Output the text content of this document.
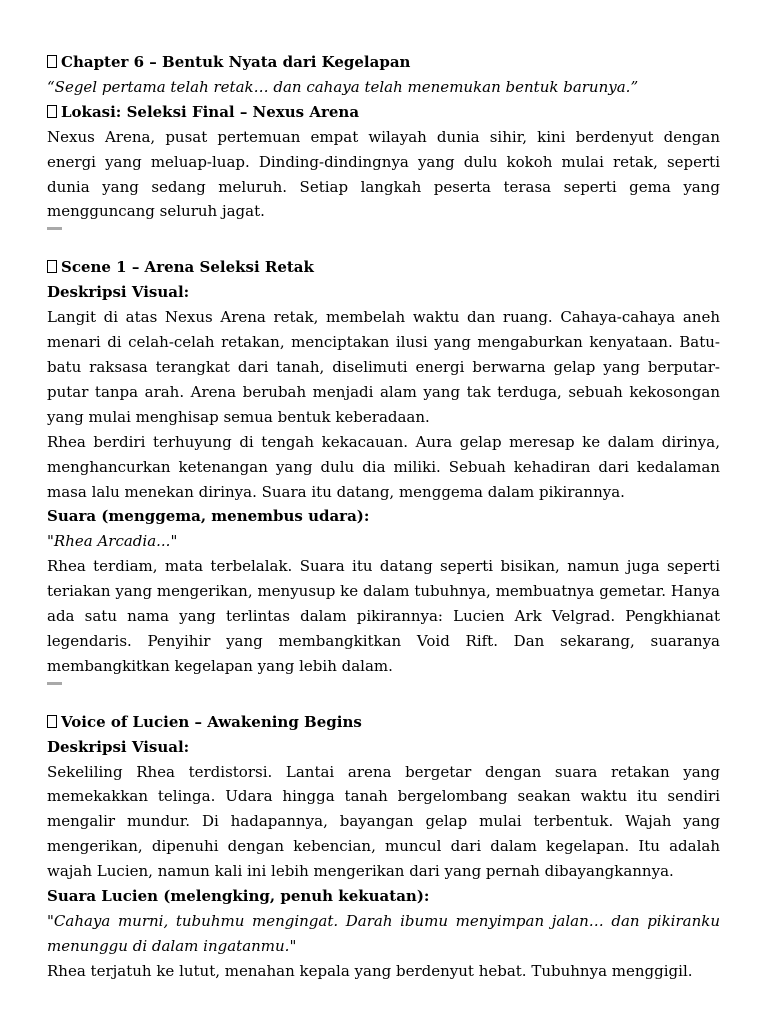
Chapter 6 – Bentuk Nyata dari Kegelapan
“Segel pertama telah retak… dan cahaya telah menemukan bentuk barunya.”
Lokasi: Seleksi Final – Nexus Arena

Nexus Arena, pusat pertemuan empat wilayah dunia sihir, kini berdenyut dengan energi yang meluap-luap. Dinding-dindingnya yang dulu kokoh mulai retak, seperti dunia yang sedang meluruh. Setiap langkah peserta terasa seperti gema yang mengguncang seluruh jagat.

Scene 1 – Arena Seleksi Retak
Deskripsi Visual:

Langit di atas Nexus Arena retak, membelah waktu dan ruang. Cahaya-cahaya aneh menari di celah-celah retakan, menciptakan ilusi yang mengaburkan kenyataan. Batu-batu raksasa terangkat dari tanah, diselimuti energi berwarna gelap yang berputar-putar tanpa arah. Arena berubah menjadi alam yang tak terduga, sebuah kekosongan yang mulai menghisap semua bentuk keberadaan.

Rhea berdiri terhuyung di tengah kekacauan. Aura gelap meresap ke dalam dirinya, menghancurkan ketenangan yang dulu dia miliki. Sebuah kehadiran dari kedalaman masa lalu menekan dirinya. Suara itu datang, menggema dalam pikirannya.

Suara (menggema, menembus udara):
"Rhea Arcadia..."

Rhea terdiam, mata terbelalak. Suara itu datang seperti bisikan, namun juga seperti teriakan yang mengerikan, menyusup ke dalam tubuhnya, membuatnya gemetar. Hanya ada satu nama yang terlintas dalam pikirannya: Lucien Ark Velgrad. Pengkhianat legendaris. Penyihir yang membangkitkan Void Rift. Dan sekarang, suaranya membangkitkan kegelapan yang lebih dalam.

Voice of Lucien – Awakening Begins
Deskripsi Visual:

Sekeliling Rhea terdistorsi. Lantai arena bergetar dengan suara retakan yang memekakkan telinga. Udara hingga tanah bergelombang seakan waktu itu sendiri mengalir mundur. Di hadapannya, bayangan gelap mulai terbentuk. Wajah yang mengerikan, dipenuhi dengan kebencian, muncul dari dalam kegelapan. Itu adalah wajah Lucien, namun kali ini lebih mengerikan dari yang pernah dibayangkannya.

Suara Lucien (melengking, penuh kekuatan):

"Cahaya murni, tubuhmu mengingat. Darah ibumu menyimpan jalan… dan pikiranku menunggu di dalam ingatanmu."

Rhea terjatuh ke lutut, menahan kepala yang berdenyut hebat. Tubuhnya menggigil.
